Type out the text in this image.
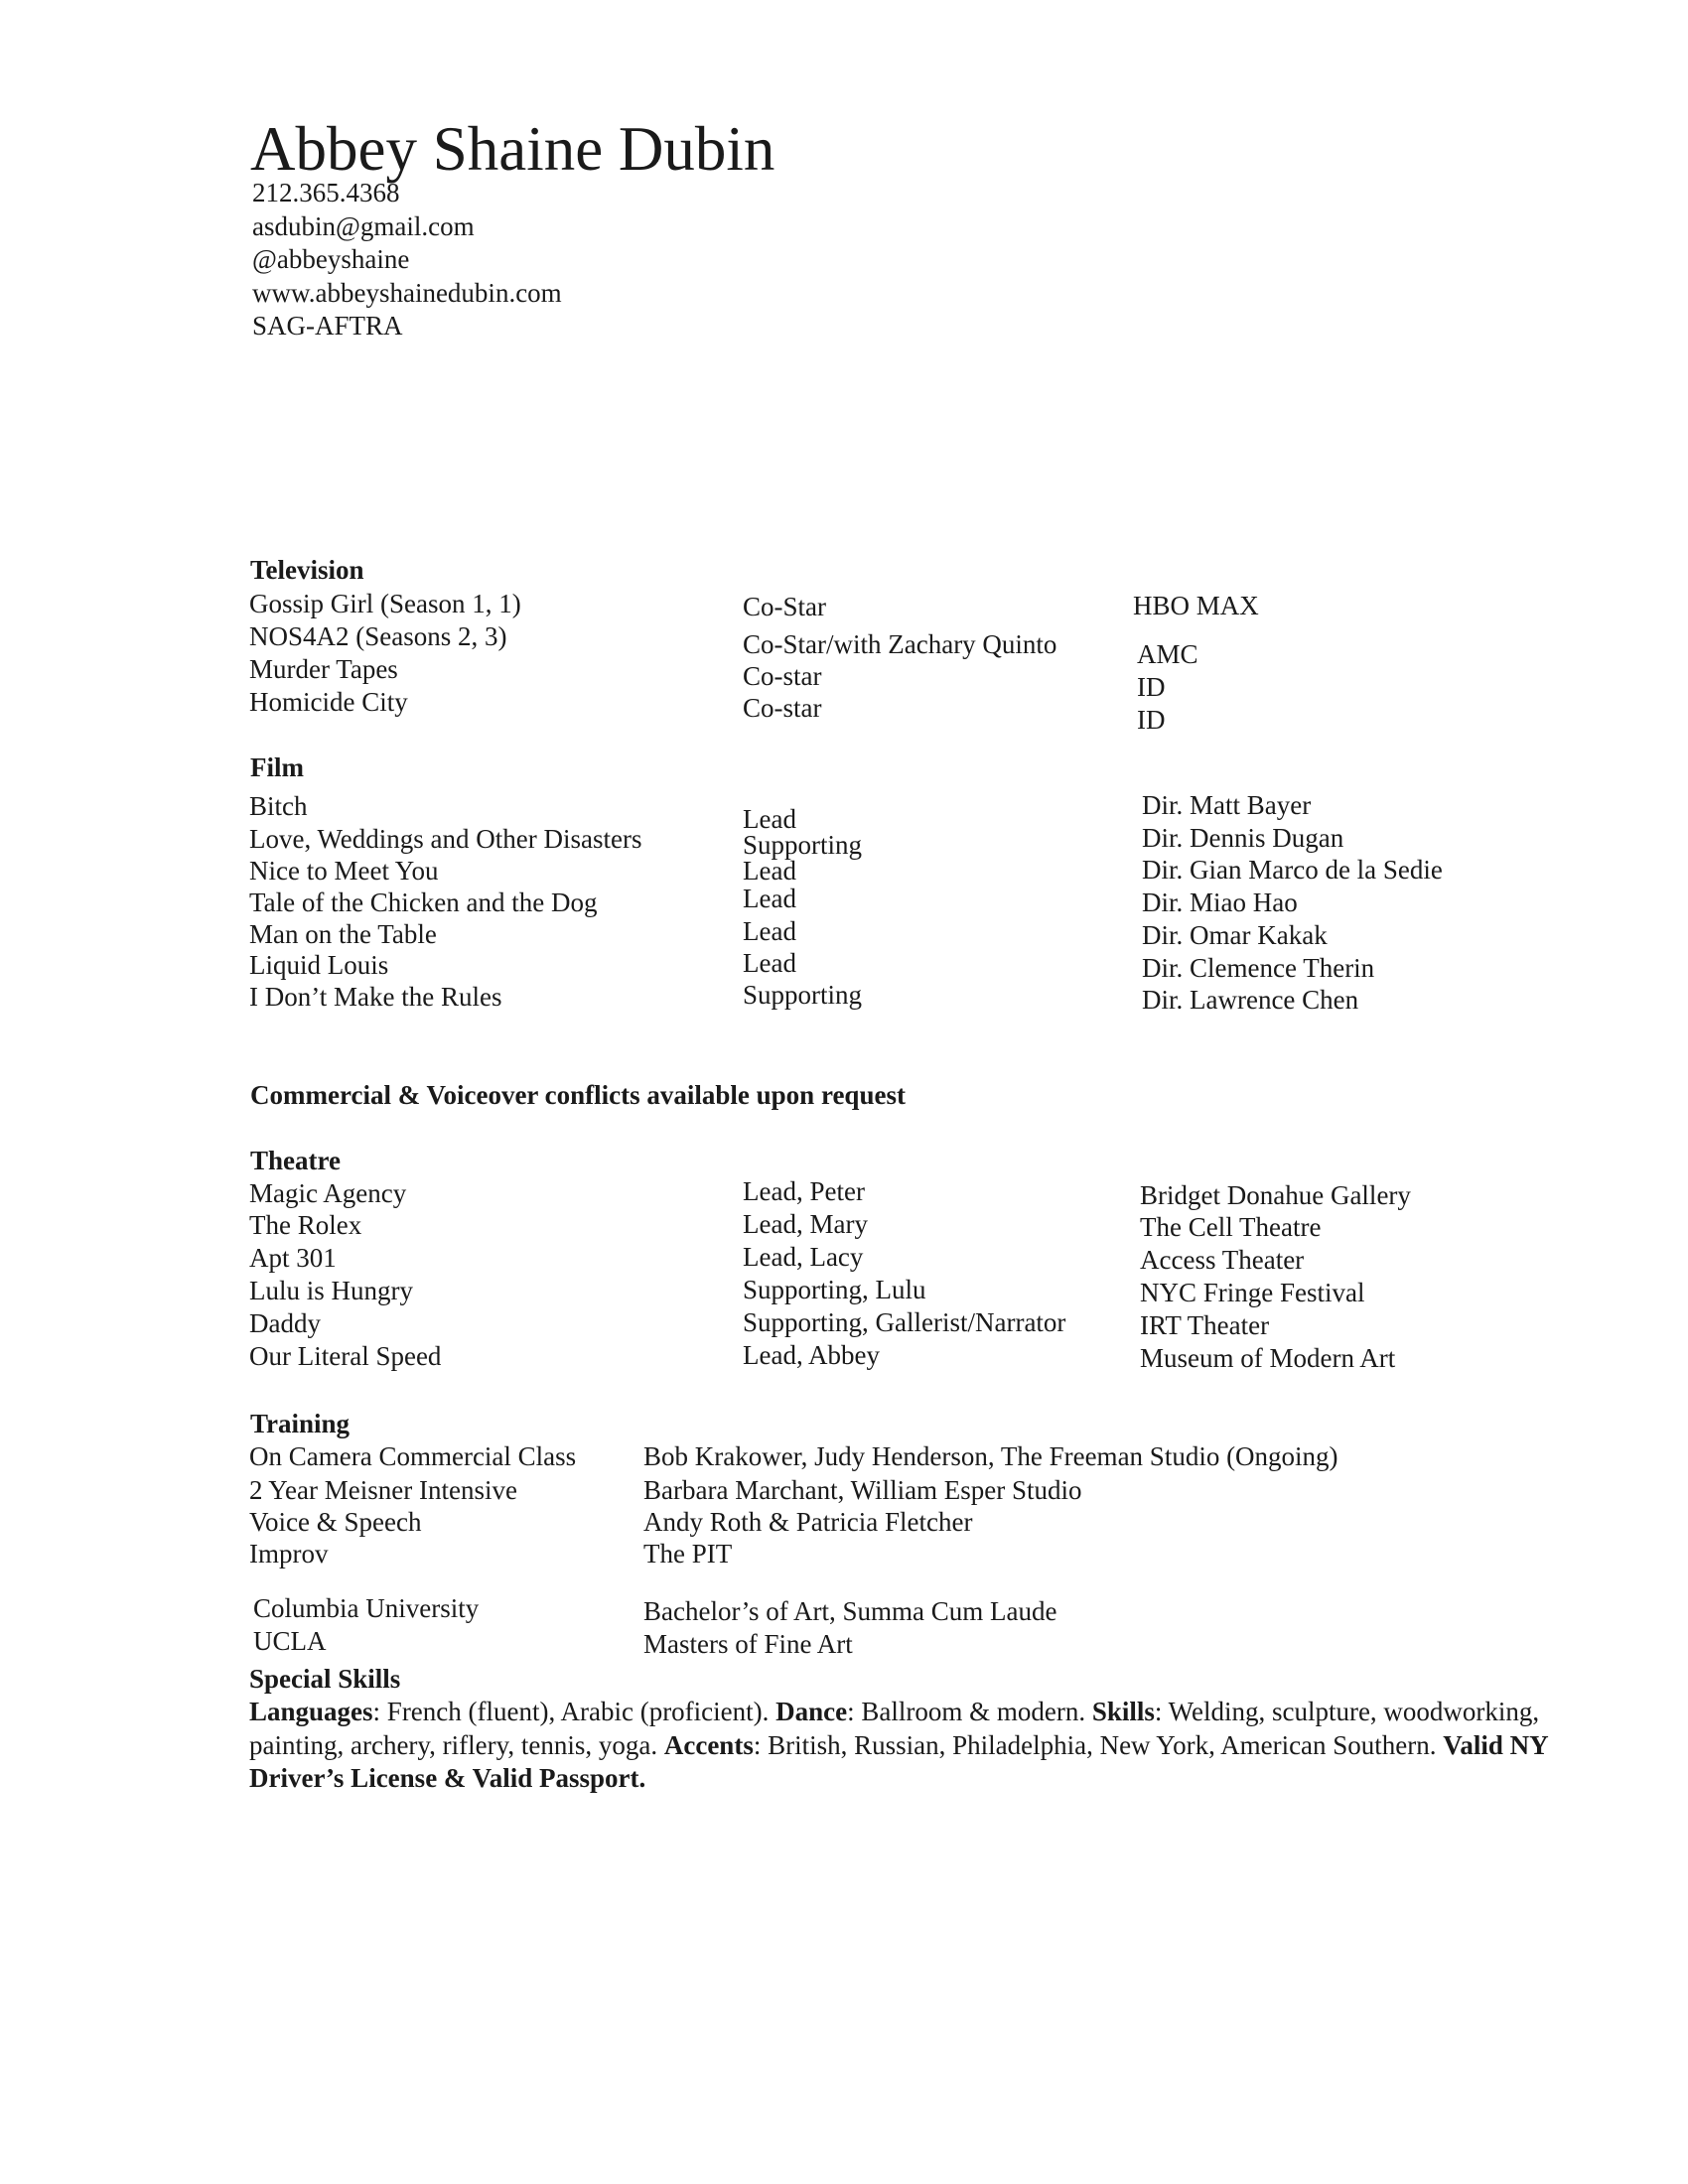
Abbey Shaine Dubin
212.365.4368
asdubin@gmail.com
@abbeyshaine
www.abbeyshainedubin.com
SAG-AFTRA
Television
Gossip Girl (Season 1, 1)	Co-Star	HBO MAX
NOS4A2 (Seasons 2, 3)	Co-Star/with Zachary Quinto	AMC
Murder Tapes	Co-star	ID
Homicide City	Co-star	ID
Film
Bitch	Lead	Dir. Matt Bayer
Love, Weddings and Other Disasters	Supporting	Dir. Dennis Dugan
Nice to Meet You	Lead	Dir. Gian Marco de la Sedie
Tale of the Chicken and the Dog	Lead	Dir. Miao Hao
Man on the Table	Lead	Dir. Omar Kakak
Liquid Louis	Lead	Dir. Clemence Therin
I Don’t Make the Rules	Supporting	Dir. Lawrence Chen
Commercial & Voiceover conflicts available upon request
Theatre
Magic Agency	Lead, Peter	Bridget Donahue Gallery
The Rolex	Lead, Mary	The Cell Theatre
Apt 301	Lead, Lacy	Access Theater
Lulu is Hungry	Supporting, Lulu	NYC Fringe Festival
Daddy	Supporting, Gallerist/Narrator	IRT Theater
Our Literal Speed	Lead, Abbey	Museum of Modern Art
Training
On Camera Commercial Class	Bob Krakower, Judy Henderson, The Freeman Studio (Ongoing)
2 Year Meisner Intensive	Barbara Marchant, William Esper Studio
Voice & Speech	Andy Roth & Patricia Fletcher
Improv	The PIT
Columbia University	Bachelor’s of Art, Summa Cum Laude
UCLA	Masters of Fine Art
Special Skills
Languages: French (fluent), Arabic (proficient). Dance: Ballroom & modern. Skills: Welding, sculpture, woodworking, painting, archery, riflery, tennis, yoga. Accents: British, Russian, Philadelphia, New York, American Southern. Valid NY Driver’s License & Valid Passport.
